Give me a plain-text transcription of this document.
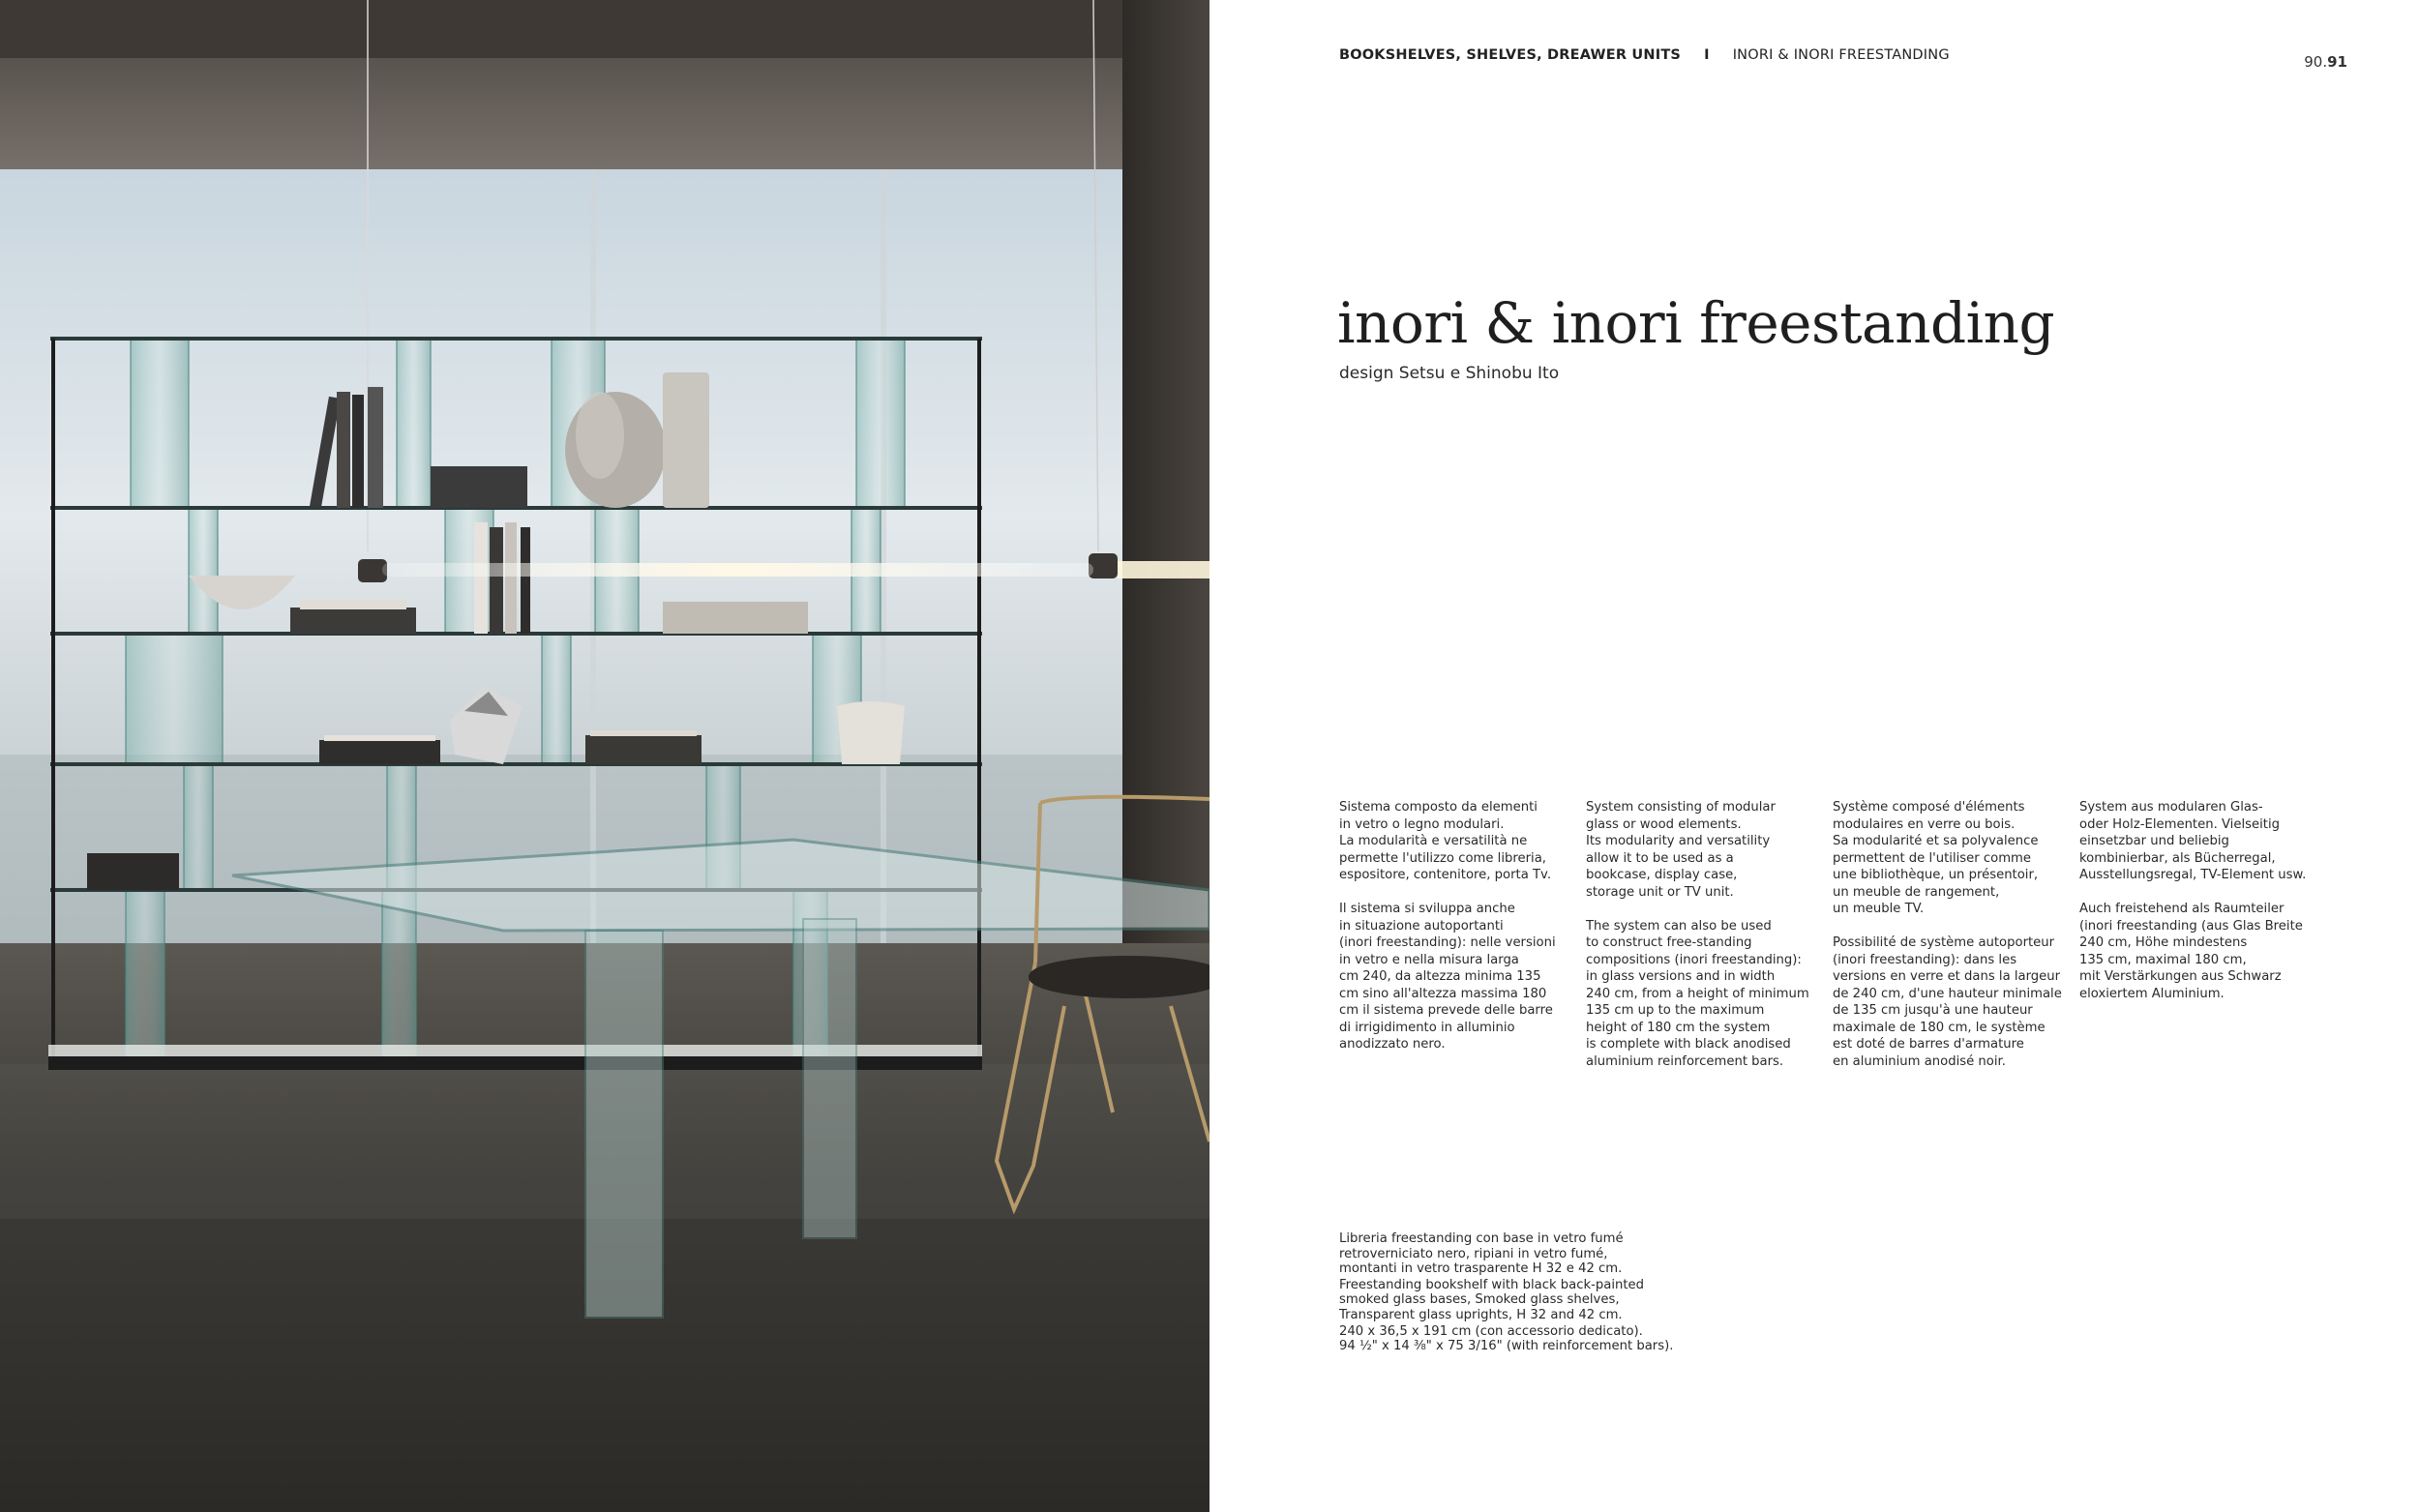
BOOKSHELVES, SHELVES, DREAWER UNITS I INORI & INORI FREESTANDING	90.91
inori & inori freestanding
design Setsu e Shinobu Ito

Sistema composto da elementi
in vetro o legno modulari.
La modularità e versatilità ne
permette l'utilizzo come libreria,
espositore, contenitore, porta Tv.

Il sistema si sviluppa anche
in situazione autoportanti
(inori freestanding): nelle versioni
in vetro e nella misura larga
cm 240, da altezza minima 135
cm sino all'altezza massima 180
cm il sistema prevede delle barre
di irrigidimento in alluminio
anodizzato nero.

System consisting of modular
glass or wood elements.
Its modularity and versatility
allow it to be used as a
bookcase, display case,
storage unit or TV unit.

The system can also be used
to construct free-standing
compositions (inori freestanding):
in glass versions and in width
240 cm, from a height of minimum
135 cm up to the maximum
height of 180 cm the system
is complete with black anodised
aluminium reinforcement bars.

Système composé d'éléments
modulaires en verre ou bois.
Sa modularité et sa polyvalence
permettent de l'utiliser comme
une bibliothèque, un présentoir,
un meuble de rangement,
un meuble TV.

Possibilité de système autoporteur
(inori freestanding): dans les
versions en verre et dans la largeur
de 240 cm, d'une hauteur minimale
de 135 cm jusqu'à une hauteur
maximale de 180 cm, le système
est doté de barres d'armature
en aluminium anodisé noir.

System aus modularen Glas-
oder Holz-Elementen. Vielseitig
einsetzbar und beliebig
kombinierbar, als Bücherregal,
Ausstellungsregal, TV-Element usw.

Auch freistehend als Raumteiler
(inori freestanding (aus Glas Breite
240 cm, Höhe mindestens
135 cm, maximal 180 cm,
mit Verstärkungen aus Schwarz
eloxiertem Aluminium.

Libreria freestanding con base in vetro fumé
retroverniciato nero, ripiani in vetro fumé,
montanti in vetro trasparente H 32 e 42 cm.

Freestanding bookshelf with black back-painted
smoked glass bases, Smoked glass shelves,
Transparent glass uprights, H 32 and 42 cm.

240 x 36,5 x 191 cm (con accessorio dedicato).
94 ½" x 14 ⅜" x 75 3/16" (with reinforcement bars).
